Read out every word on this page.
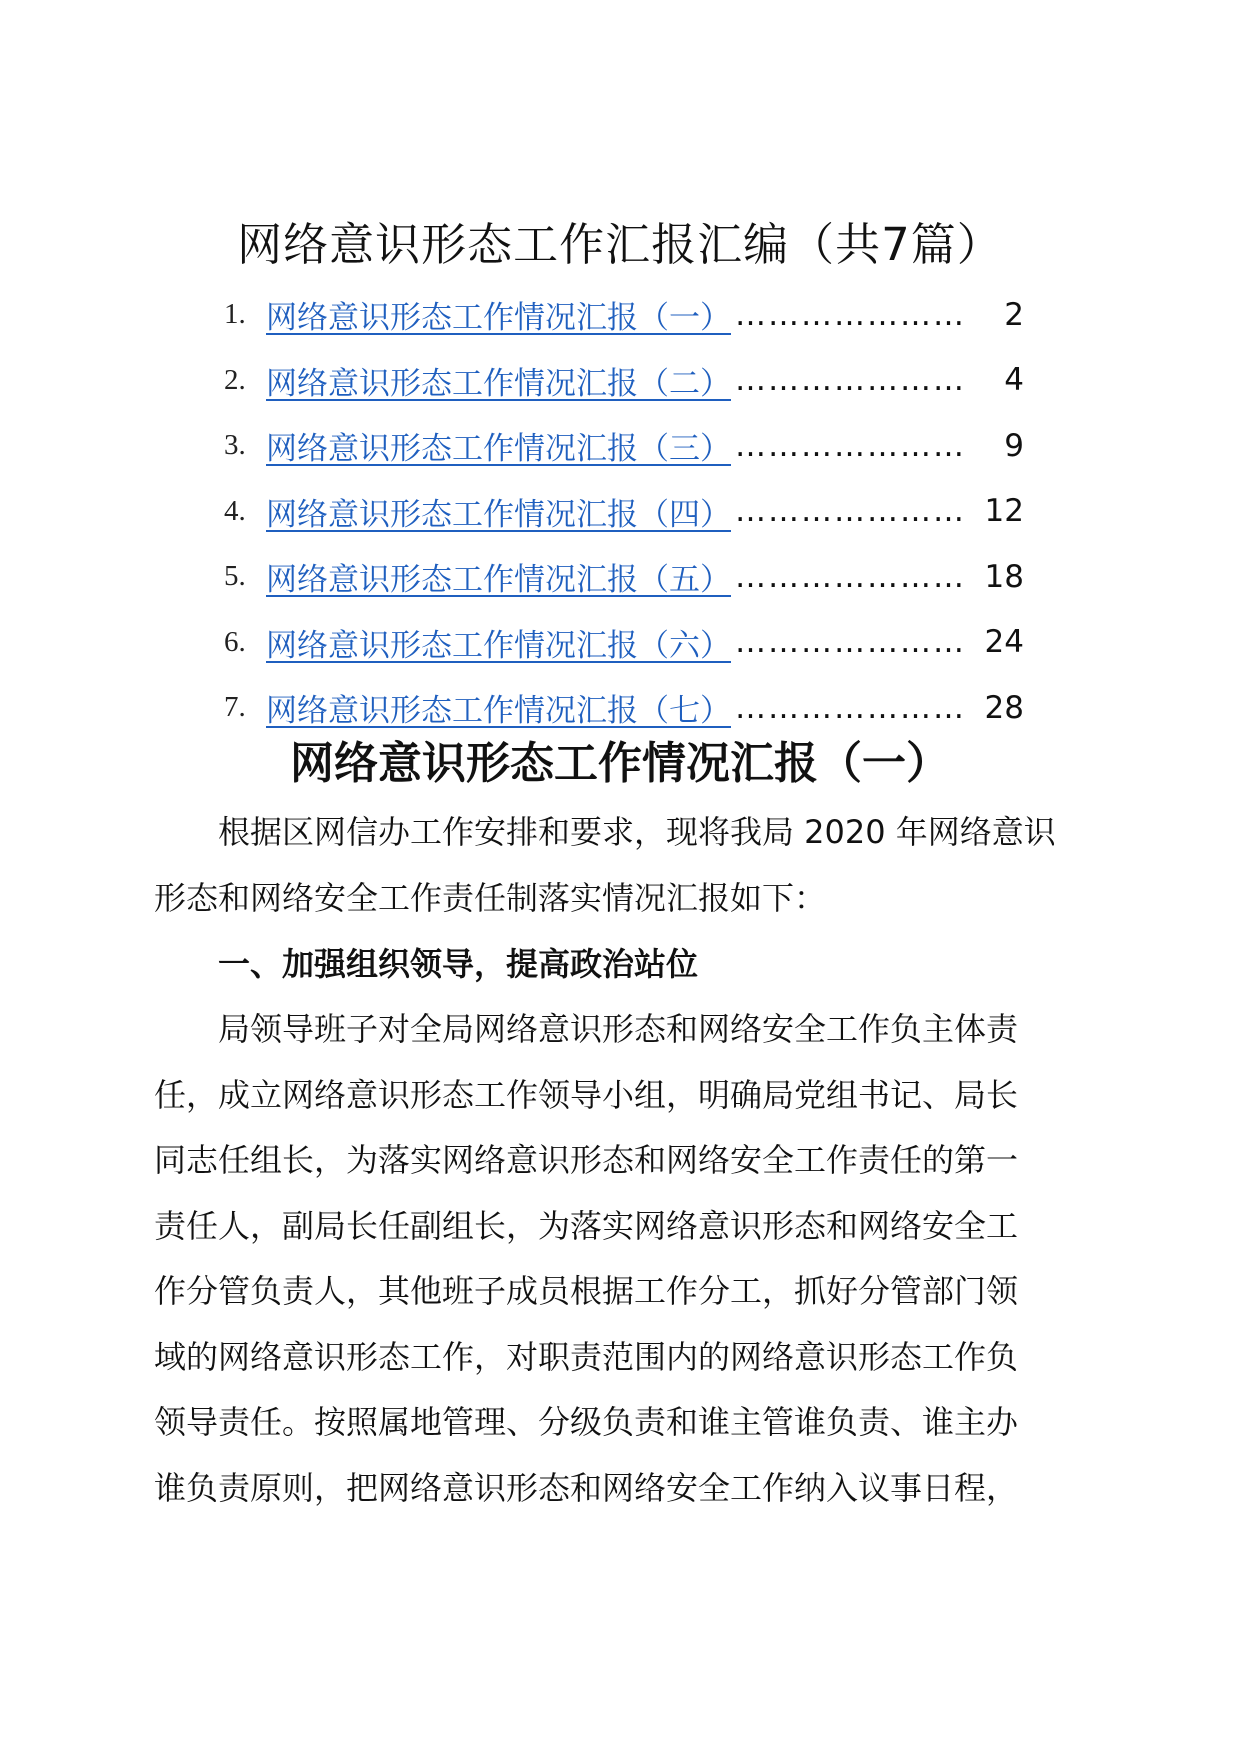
网络意识形态工作汇报汇编（共7篇）
1. 网络意识形态工作情况汇报（一） …………………	2
2. 网络意识形态工作情况汇报（二） …………………	4
3. 网络意识形态工作情况汇报（三） …………………	9
4. 网络意识形态工作情况汇报（四） ………………… 12
5. 网络意识形态工作情况汇报（五） ………………… 18
6. 网络意识形态工作情况汇报（六） ………………… 24
7. 网络意识形态工作情况汇报（七） ………………… 28
网络意识形态工作情况汇报（一）
根据区网信办工作安排和要求，现将我局 2020 年网络意识
形态和网络安全工作责任制落实情况汇报如下：
一、加强组织领导，提高政治站位
局领导班子对全局网络意识形态和网络安全工作负主体责
任，成立网络意识形态工作领导小组，明确局党组书记、局长
同志任组长，为落实网络意识形态和网络安全工作责任的第一
责任人，副局长任副组长，为落实网络意识形态和网络安全工
作分管负责人，其他班子成员根据工作分工，抓好分管部门领
域的网络意识形态工作，对职责范围内的网络意识形态工作负
领导责任。按照属地管理、分级负责和谁主管谁负责、谁主办
谁负责原则，把网络意识形态和网络安全工作纳入议事日程，
